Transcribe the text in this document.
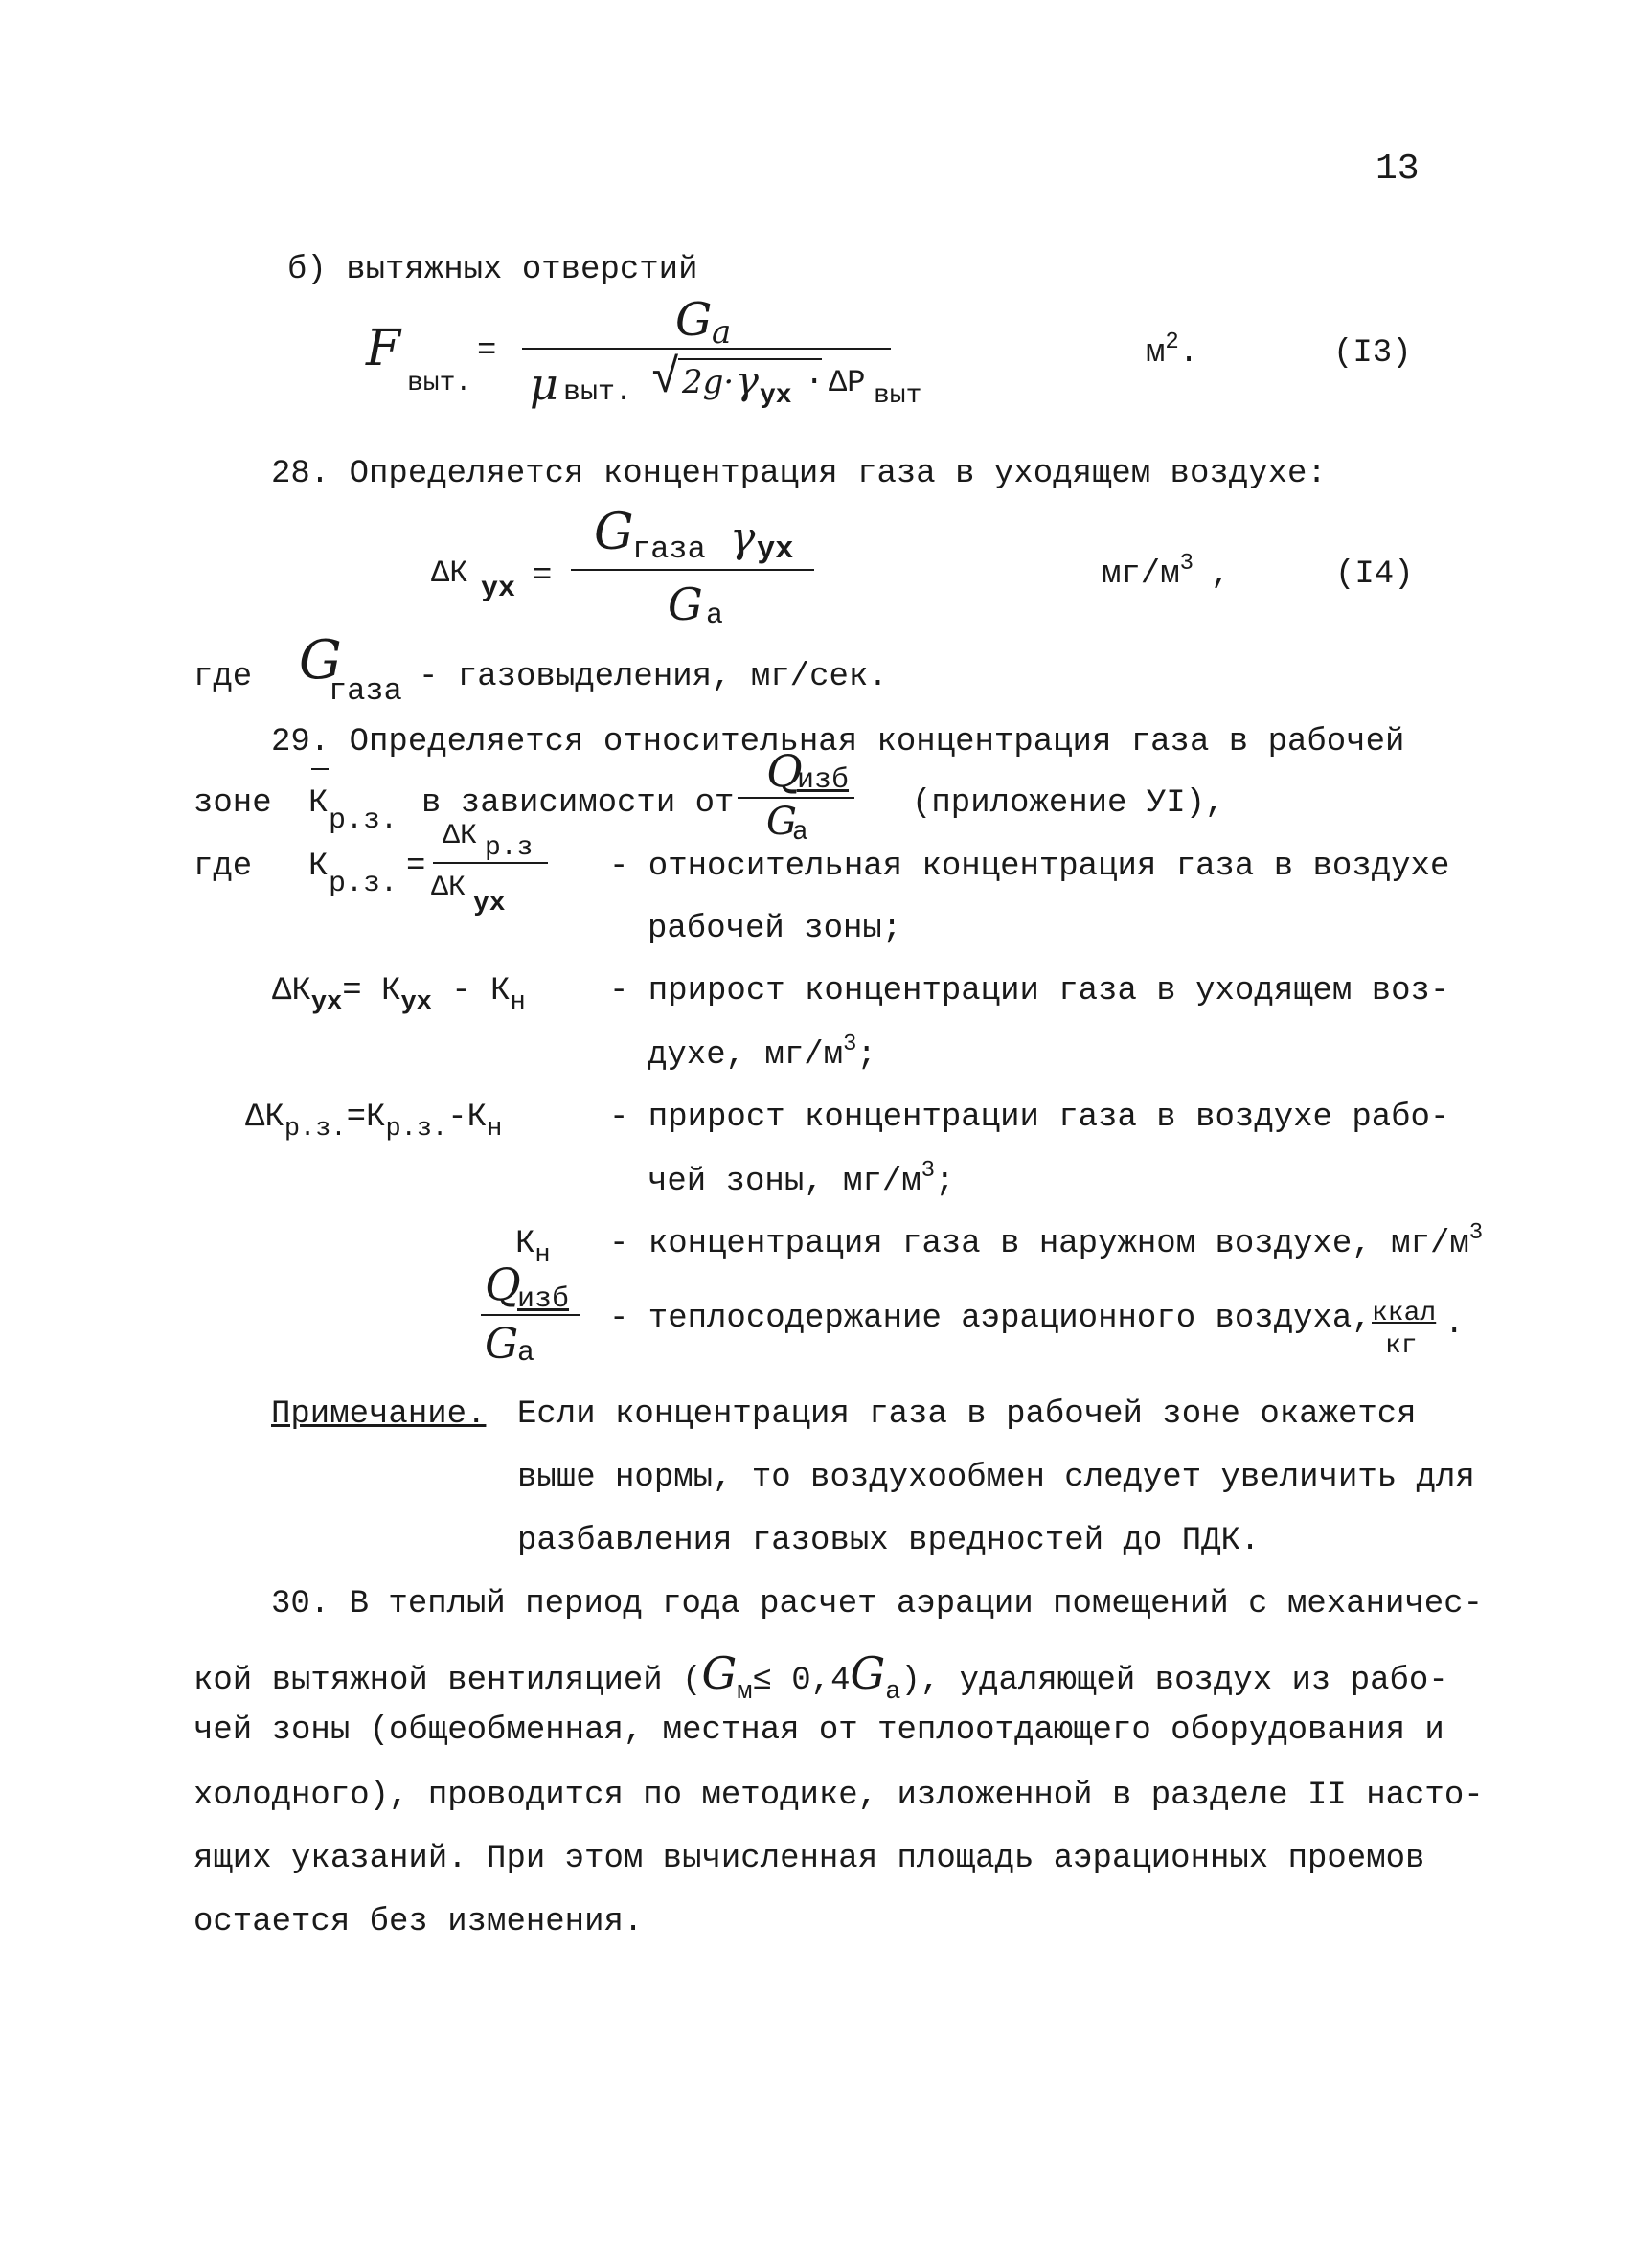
13
б) вытяжных отверстий
F
выт.
=
G a
μ выт. √ 2g· γ ух · ΔP выт
$м^2$.	(I3)
28. Определяется концентрация газа в уходящем воздухе:
ΔК ух =
G
газа γ ух
G a
$мг/м^3$ ,	(I4)
где G
газа - газовыделения, мг/сек.
29. Определяется относительная концентрация газа в рабочей
зоне К р.з. в зависимости от
Q
изб
G
a
(приложение УI),
где К р.з. =
ΔК р.з
ΔК ух
- относительная концентрация газа в воздухе
рабочей зоны;
$\Delta К_{ух}= К_{ух} - К_н$	- прирост концентрации газа в уходящем воз-
духе, $мг/м^3$;
$\Delta К_{р.з.}=К_{р.з.}-К_н$	- прирост концентрации газа в воздухе рабо-
чей зоны, $мг/м^3$;
$К_н$ - концентрация газа в наружном воздухе, $мг/м^3$
Q
изб
G
a
- теплосодержание аэрационного воздуха, ккал
кг
.
Примечание. Если концентрация газа в рабочей зоне окажется
выше нормы, то воздухообмен следует увеличить для
разбавления газовых вредностей до ПДК.
30. В теплый период года расчет аэрации помещений с механичес-
кой вытяжной вентиляцией $(G_м\le 0,4G_a)$, удаляющей воздух из рабо-
чей зоны (общеобменная, местная от теплоотдающего оборудования и
холодного), проводится по методике, изложенной в разделе II насто-
ящих указаний. При этом вычисленная площадь аэрационных проемов
остается без изменения.
